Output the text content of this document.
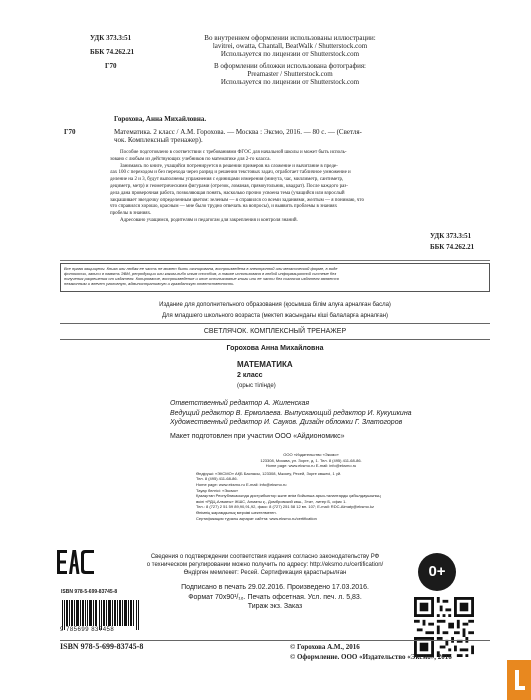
УДК 373.3:51
ББК 74.262.21
Г70
Во внутреннем оформлении использованы иллюстрации:
lavitrei, owatta, Chantall, BeatWalk / Shutterstock.com
Используется по лицензии от Shutterstock.com
В оформлении обложки использована фотография:
Preamaster / Shutterstock.com
Используется по лицензии от Shutterstock.com
Горохова, Анна Михайловна.
Г70	Математика. 2 класс / А.М. Горохова. — Москва : Эксмо, 2016. — 80 с. — (Светля-
чок. Комплексный тренажер).
Пособие подготовлено в соответствии с требованиями ФГОС для начальной школы и может быть исполь-
зовано с любым из действующих учебников по математике для 2-го класса.
Занимаясь по книге, учащийся потренируется в решении примеров на сложение и вычитание в преде-
лах 100 с переходом и без перехода через разряд и решении текстовых задач, отработает табличное умножение и
деление на 2 и 3, будут выполнены упражнения с единицами измерения (минута, час, миллиметр, сантиметр,
дециметр, метр) и геометрическими фигурами (отрезок, ломаная, прямоугольник, квадрат). После каждого раз-
дела дана проверочная работа, позволяющая понять, насколько прочно усвоена тема (учащийся или взрослый
закрашивает звездочку определенным цветом: зеленым — я справился со всеми заданиями, желтым — я понимаю, что
что справился хорошо, красным — мне было трудно отвечать на вопросы), и выявить проблемы в знаниях
пробелы в знаниях.
Адресовано учащимся, родителям и педагогам для закрепления и контроля знаний.
УДК 373.3:51
ББК 74.262.21
Все права защищены. Книга или любая ее часть не может быть скопирована, воспроизведена в электронной или механической форме, в виде
фотокопии, записи в память ЭВМ, репродукции или каким-либо иным способом, а также использована в любой информационной системе без
получения разрешения от издателя. Копирование, воспроизведение и иное использование книги или ее части без согласия издателя является
незаконным и влечет уголовную, административную и гражданскую ответственность.
Издание для дополнительного образования (қосымша білім алуға арналған басла)
Для младшего школьного возраста (мектеп жасындағы кіші балаларға арналған)
СВЕТЛЯЧОК. КОМПЛЕКСНЫЙ ТРЕНАЖЕР
Горохова Анна Михайловна
МАТЕМАТИКА
2 класс
(орыс тілінде)
Ответственный редактор А. Жиленская
Ведущий редактор В. Ермолаева. Выпускающий редактор И. Кукушкина
Художественный редактор И. Сауков. Дизайн обложки Г. Златогоров
Макет подготовлен при участии ООО «Айдиономикс»
ООО «Издательство «Эксмо»
123308, Москва, ул. Зорге, д. 1. Тел. 8 (495) 411-68-86.
Home page: www.eksmo.ru E-mail: info@eksmo.ru
Өндіруші: «ЭКСМО» АҚБ Баспасы, 123308, Мәскеу, Ресей, Зорге көшесі, 1 үй.
Тел. 8 (495) 411-68-86.
Home page: www.eksmo.ru E-mail: info@eksmo.ru
Тауар белгісі: «Эксмо»
Қазақстан Республикасында дистрибьютор және өнім бойынша арыз-талаптарды қабылдаушының
өкілі «РДЦ-Алматы» ЖШС, Алматы қ., Домбровский көш., 3«а», литер Б, офис 1.
Тел.: 8 (727) 2 51 59 89,90,91,92, факс: 8 (727) 251 58 12 вн. 107; E-mail: RDC-Almaty@eksmo.kz
Өнімнің жарамдылық мерзімі шектелмеген.
Сертификация туралы ақпарат сайтта: www.eksmo.ru/certification
Сведения о подтверждении соответствия издания согласно законодательству РФ
о техническом регулировании можно получить по адресу: http://eksmo.ru/certification/
Өндірген мемлекет: Ресей. Сертификация қарастырылған	0+
Подписано в печать 29.02.2016. Произведено 17.03.2016.
Формат 70x90¹/₁₆. Печать офсетная. Усл. печ. л. 5,83.
Тираж экз. Заказ
ISBN 978-5-699-83745-8
9 785699 837458
ISBN 978-5-699-83745-8	© Горохова А.М., 2016
© Оформление. ООО «Издательство «Эксмо», 2016
